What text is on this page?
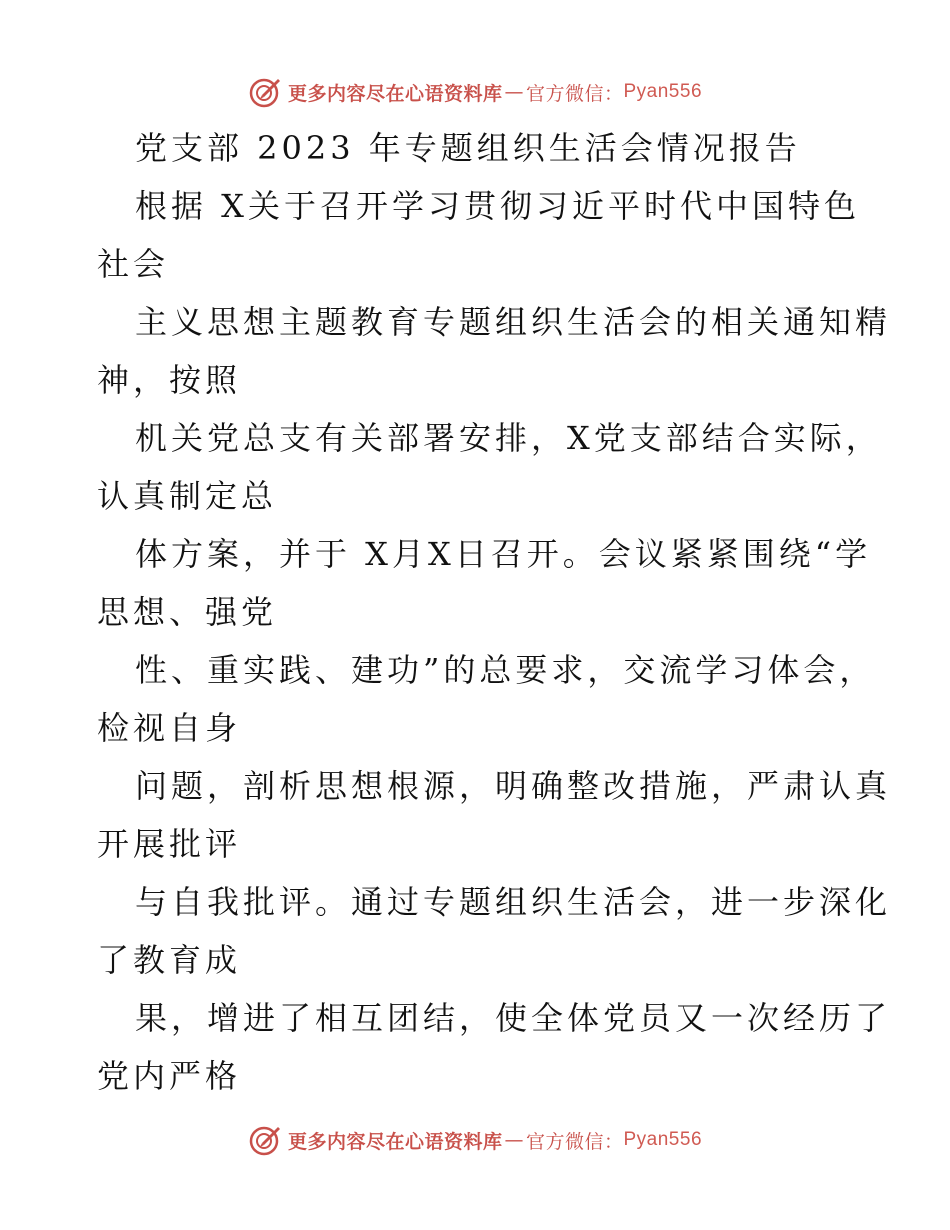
更多内容尽在心语资料库 — 官方微信： Pyan556
党支部 2023 年专题组织生活会情况报告
根据 X关于召开学习贯彻习近平时代中国特色
社会
主义思想主题教育专题组织生活会的相关通知精
神，按照
机关党总支有关部署安排，X党支部结合实际，
认真制定总
体方案，并于 X月X日召开。会议紧紧围绕“学
思想、强党
性、重实践、建功”的总要求，交流学习体会，
检视自身
问题，剖析思想根源，明确整改措施，严肃认真
开展批评
与自我批评。通过专题组织生活会，进一步深化
了教育成
果，增进了相互团结，使全体党员又一次经历了
党内严格
更多内容尽在心语资料库 — 官方微信： Pyan556
